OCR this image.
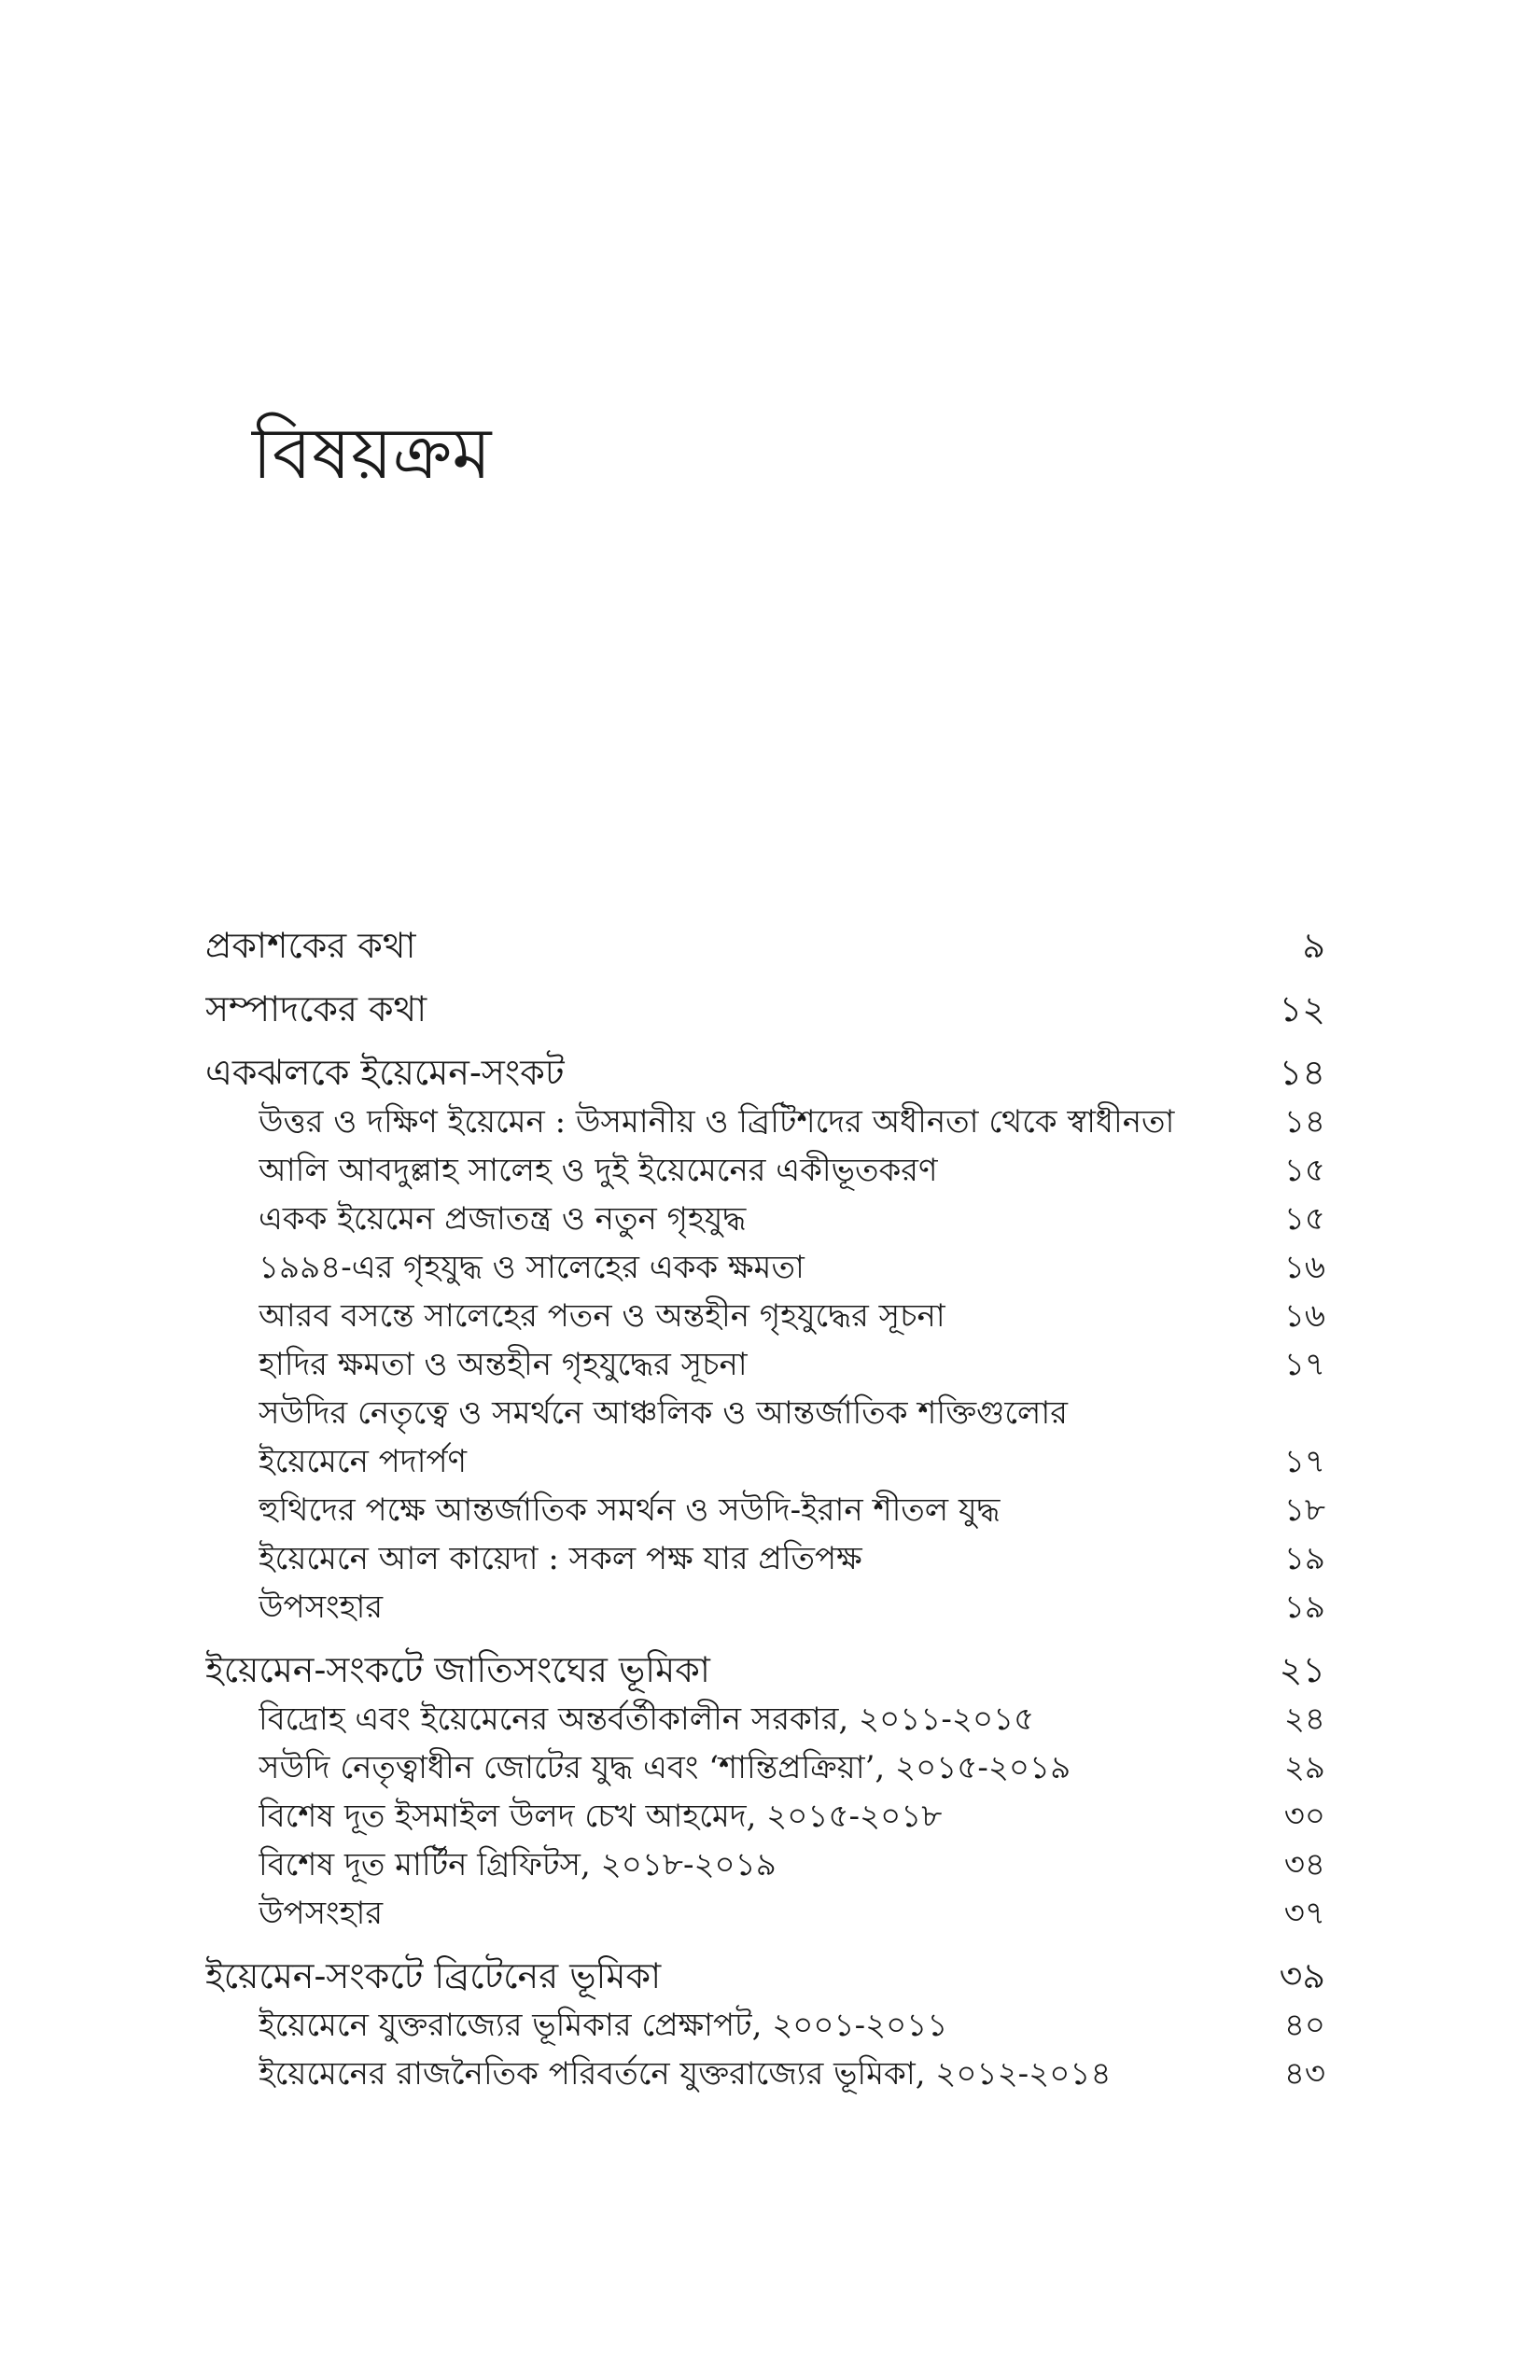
বিষয়ক্রম
প্রকাশকের কথা	৯
সম্পাদকের কথা	১২
একঝলকে ইয়েমেন-সংকট	১৪
উত্তর ও দক্ষিণ ইয়েমেন : উসমানীয় ও ব্রিটিশদের অধীনতা থেকে স্বাধীনতা	১৪
আলি আবদুল্লাহ সালেহ ও দুই ইয়েমেনের একীভূতকরণ	১৫
একক ইয়েমেন প্রজাতন্ত্র ও নতুন গৃহযুদ্ধ	১৫
১৯৯৪-এর গৃহযুদ্ধ ও সালেহের একক ক্ষমতা	১৬
আরব বসন্তে সালেহের পতন ও অন্তহীন গৃহযুদ্ধের সূচনা	১৬
হাদির ক্ষমতা ও অন্তহীন গৃহযুদ্ধের সূচনা	১৭
সউদির নেতৃত্বে ও সমর্থনে আঞ্চলিক ও আন্তর্জাতিক শক্তিগুলোর
ইয়েমেনে পদার্পণ	১৭
হুথিদের পক্ষে আন্তর্জাতিক সমর্থন ও সউদি-ইরান শীতল যুদ্ধ	১৮
ইয়েমেনে আল কায়েদা : সকল পক্ষ যার প্রতিপক্ষ	১৯
উপসংহার	১৯
ইয়েমেন-সংকটে জাতিসংঘের ভূমিকা	২১
বিদ্রোহ এবং ইয়েমেনের অন্তর্বর্তীকালীন সরকার, ২০১১-২০১৫	২৪
সউদি নেতৃত্বাধীন জোটের যুদ্ধ এবং ‘শান্তিপ্রক্রিয়া’, ২০১৫-২০১৯	২৯
বিশেষ দূত ইসমাইল উলদ চেখ আহমেদ, ২০১৫-২০১৮	৩০
বিশেষ দূত মার্টিন গ্রিফিটস, ২০১৮-২০১৯	৩৪
উপসংহার	৩৭
ইয়েমেন-সংকটে ব্রিটেনের ভূমিকা	৩৯
ইয়েমেনে যুক্তরাজ্যের ভূমিকার প্রেক্ষাপট, ২০০১-২০১১	৪০
ইয়েমেনের রাজনৈতিক পরিবর্তনে যুক্তরাজ্যের ভূমিকা, ২০১২-২০১৪	৪৩
